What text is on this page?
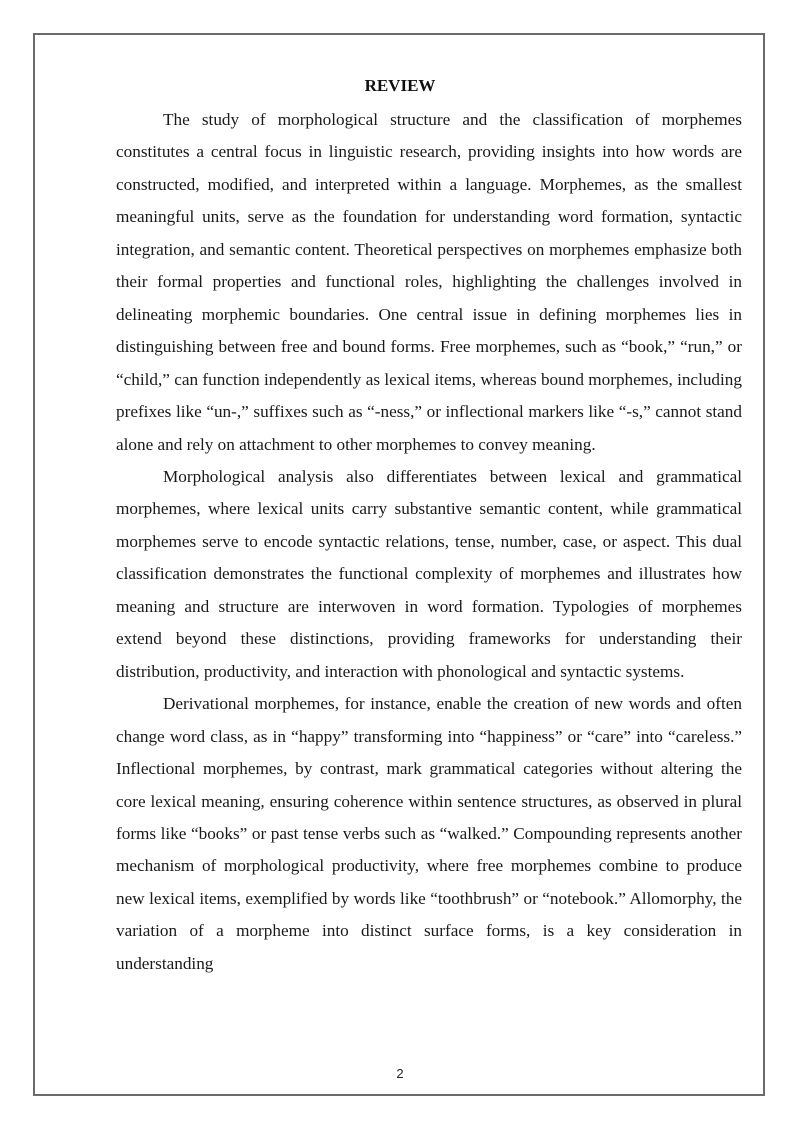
REVIEW

The study of morphological structure and the classification of morphemes constitutes a central focus in linguistic research, providing insights into how words are constructed, modified, and interpreted within a language. Morphemes, as the smallest meaningful units, serve as the foundation for understanding word formation, syntactic integration, and semantic content. Theoretical perspectives on morphemes emphasize both their formal properties and functional roles, highlighting the challenges involved in delineating morphemic boundaries. One central issue in defining morphemes lies in distinguishing between free and bound forms. Free morphemes, such as “book,” “run,” or “child,” can function independently as lexical items, whereas bound morphemes, including prefixes like “un-,” suffixes such as “-ness,” or inflectional markers like “-s,” cannot stand alone and rely on attachment to other morphemes to convey meaning.

Morphological analysis also differentiates between lexical and grammatical morphemes, where lexical units carry substantive semantic content, while grammatical morphemes serve to encode syntactic relations, tense, number, case, or aspect. This dual classification demonstrates the functional complexity of morphemes and illustrates how meaning and structure are interwoven in word formation. Typologies of morphemes extend beyond these distinctions, providing frameworks for understanding their distribution, productivity, and interaction with phonological and syntactic systems.

Derivational morphemes, for instance, enable the creation of new words and often change word class, as in “happy” transforming into “happiness” or “care” into “careless.” Inflectional morphemes, by contrast, mark grammatical categories without altering the core lexical meaning, ensuring coherence within sentence structures, as observed in plural forms like “books” or past tense verbs such as “walked.” Compounding represents another mechanism of morphological productivity, where free morphemes combine to produce new lexical items, exemplified by words like “toothbrush” or “notebook.” Allomorphy, the variation of a morpheme into distinct surface forms, is a key consideration in understanding

2
